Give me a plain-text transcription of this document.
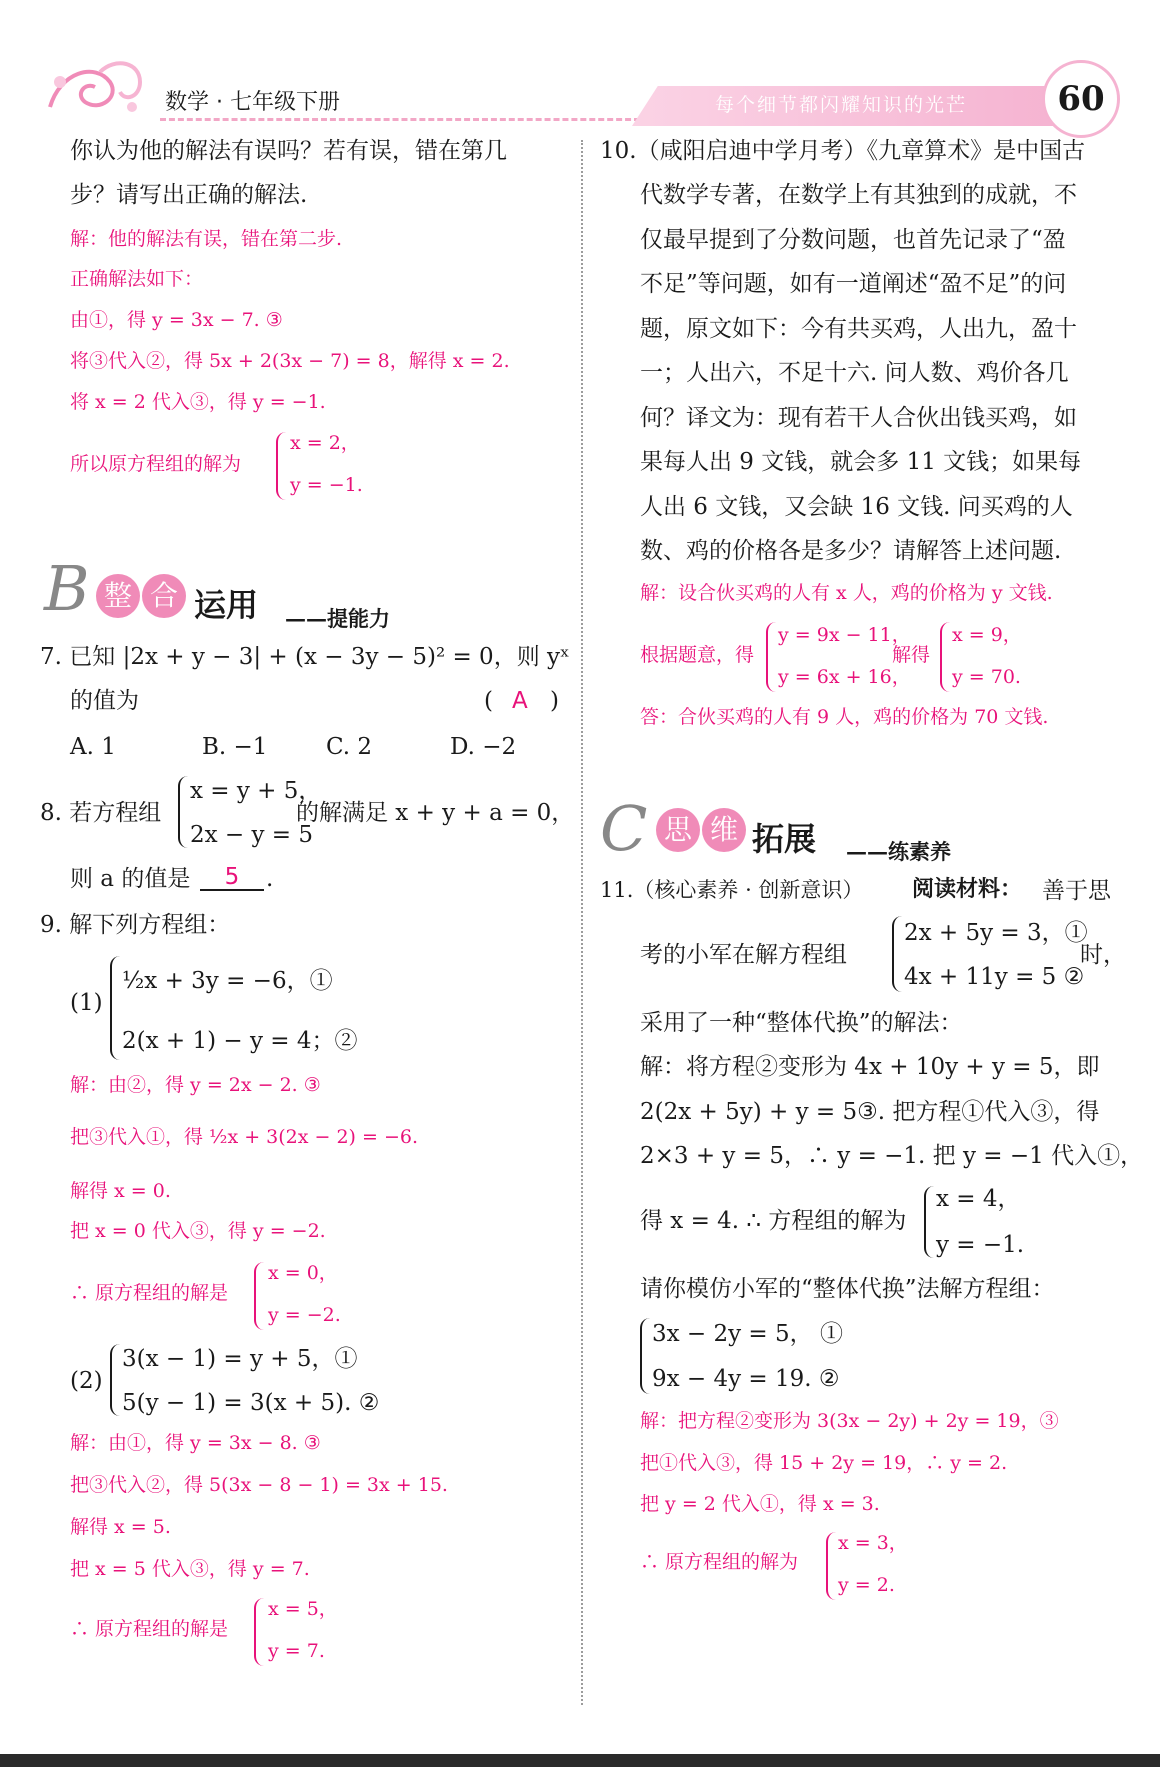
数学 · 七年级下册	每个细节都闪耀知识的光芒	60
你认为他的解法有误吗？若有误，错在第几
步？请写出正确的解法.
解：他的解法有误，错在第二步.
正确解法如下：
由①，得 y = 3x − 7. ③
将③代入②，得 5x + 2(3x − 7) = 8，解得 x = 2.
将 x = 2 代入③，得 y = −1.
所以原方程组的解为
x = 2，
y = −1.
B 整 合 运用 ——提能力
7. 已知 |2x + y − 3| + (x − 3y − 5)² = 0，则 yˣ
的值为	( A )
A. 1	B. −1	C. 2	D. −2
8. 若方程组
x = y + 5，
2x − y = 5
的解满足 x + y + a = 0，
则 a 的值是	5	.
9. 解下列方程组：
(1)
½x + 3y = −6，①
2(x + 1) − y = 4；②
解：由②，得 y = 2x − 2. ③
把③代入①，得 ½x + 3(2x − 2) = −6.
解得 x = 0.
把 x = 0 代入③，得 y = −2.
∴ 原方程组的解是
x = 0，
y = −2.
(2)
3(x − 1) = y + 5，①
5(y − 1) = 3(x + 5). ②
解：由①，得 y = 3x − 8. ③
把③代入②，得 5(3x − 8 − 1) = 3x + 15.
解得 x = 5.
把 x = 5 代入③，得 y = 7.
∴ 原方程组的解是
x = 5，
y = 7.
10.（咸阳启迪中学月考）《九章算术》是中国古
代数学专著，在数学上有其独到的成就，不
仅最早提到了分数问题，也首先记录了“盈
不足”等问题，如有一道阐述“盈不足”的问
题，原文如下：今有共买鸡，人出九，盈十
一；人出六，不足十六. 问人数、鸡价各几
何？译文为：现有若干人合伙出钱买鸡，如
果每人出 9 文钱，就会多 11 文钱；如果每
人出 6 文钱，又会缺 16 文钱. 问买鸡的人
数、鸡的价格各是多少？请解答上述问题.
解：设合伙买鸡的人有 x 人，鸡的价格为 y 文钱.
根据题意，得
y = 9x − 11，
y = 6x + 16，
解得
x = 9，
y = 70.
答：合伙买鸡的人有 9 人，鸡的价格为 70 文钱.
C 思 维 拓展 ——练素养
11.（核心素养 · 创新意识） 阅读材料： 善于思
考的小军在解方程组
2x + 5y = 3，①
4x + 11y = 5 ②
时，
采用了一种“整体代换”的解法：
解：将方程②变形为 4x + 10y + y = 5，即
2(2x + 5y) + y = 5③. 把方程①代入③，得
2×3 + y = 5，∴ y = −1. 把 y = −1 代入①，
得 x = 4. ∴ 方程组的解为
x = 4，
y = −1.
请你模仿小军的“整体代换”法解方程组：
3x − 2y = 5， ①
9x − 4y = 19. ②
解：把方程②变形为 3(3x − 2y) + 2y = 19，③
把①代入③，得 15 + 2y = 19，∴ y = 2.
把 y = 2 代入①，得 x = 3.
∴ 原方程组的解为
x = 3，
y = 2.
